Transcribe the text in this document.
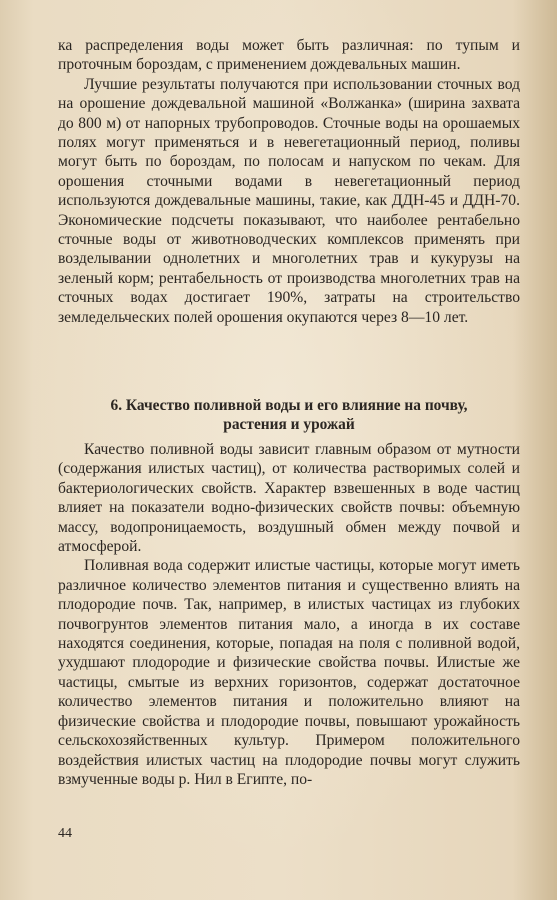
ка распределения воды может быть различная: по тупым и проточным бороздам, с применением дождевальных машин.

Лучшие результаты получаются при использовании сточных вод на орошение дождевальной машиной «Волжанка» (ширина захвата до 800 м) от напорных трубопроводов. Сточные воды на орошаемых полях могут применяться и в невегетационный период, поливы могут быть по бороздам, по полосам и напуском по чекам. Для орошения сточными водами в невегетационный период используются дождевальные машины, такие, как ДДН-45 и ДДН-70. Экономические подсчеты показывают, что наиболее рентабельно сточные воды от животноводческих комплексов применять при возделывании однолетних и многолетних трав и кукурузы на зеленый корм; рентабельность от производства многолетних трав на сточных водах достигает 190%, затраты на строительство земледельческих полей орошения окупаются через 8—10 лет.

6. Качество поливной воды и его влияние на почву,
растения и урожай

Качество поливной воды зависит главным образом от мутности (содержания илистых частиц), от количества растворимых солей и бактериологических свойств. Характер взвешенных в воде частиц влияет на показатели водно-физических свойств почвы: объемную массу, водопроницаемость, воздушный обмен между почвой и атмосферой.

Поливная вода содержит илистые частицы, которые могут иметь различное количество элементов питания и существенно влиять на плодородие почв. Так, например, в илистых частицах из глубоких почвогрунтов элементов питания мало, а иногда в их составе находятся соединения, которые, попадая на поля с поливной водой, ухудшают плодородие и физические свойства почвы. Илистые же частицы, смытые из верхних горизонтов, содержат достаточное количество элементов питания и положительно влияют на физические свойства и плодородие почвы, повышают урожайность сельскохозяйственных культур. Примером положительного воздействия илистых частиц на плодородие почвы могут служить взмученные воды р. Нил в Египте, по-

44
